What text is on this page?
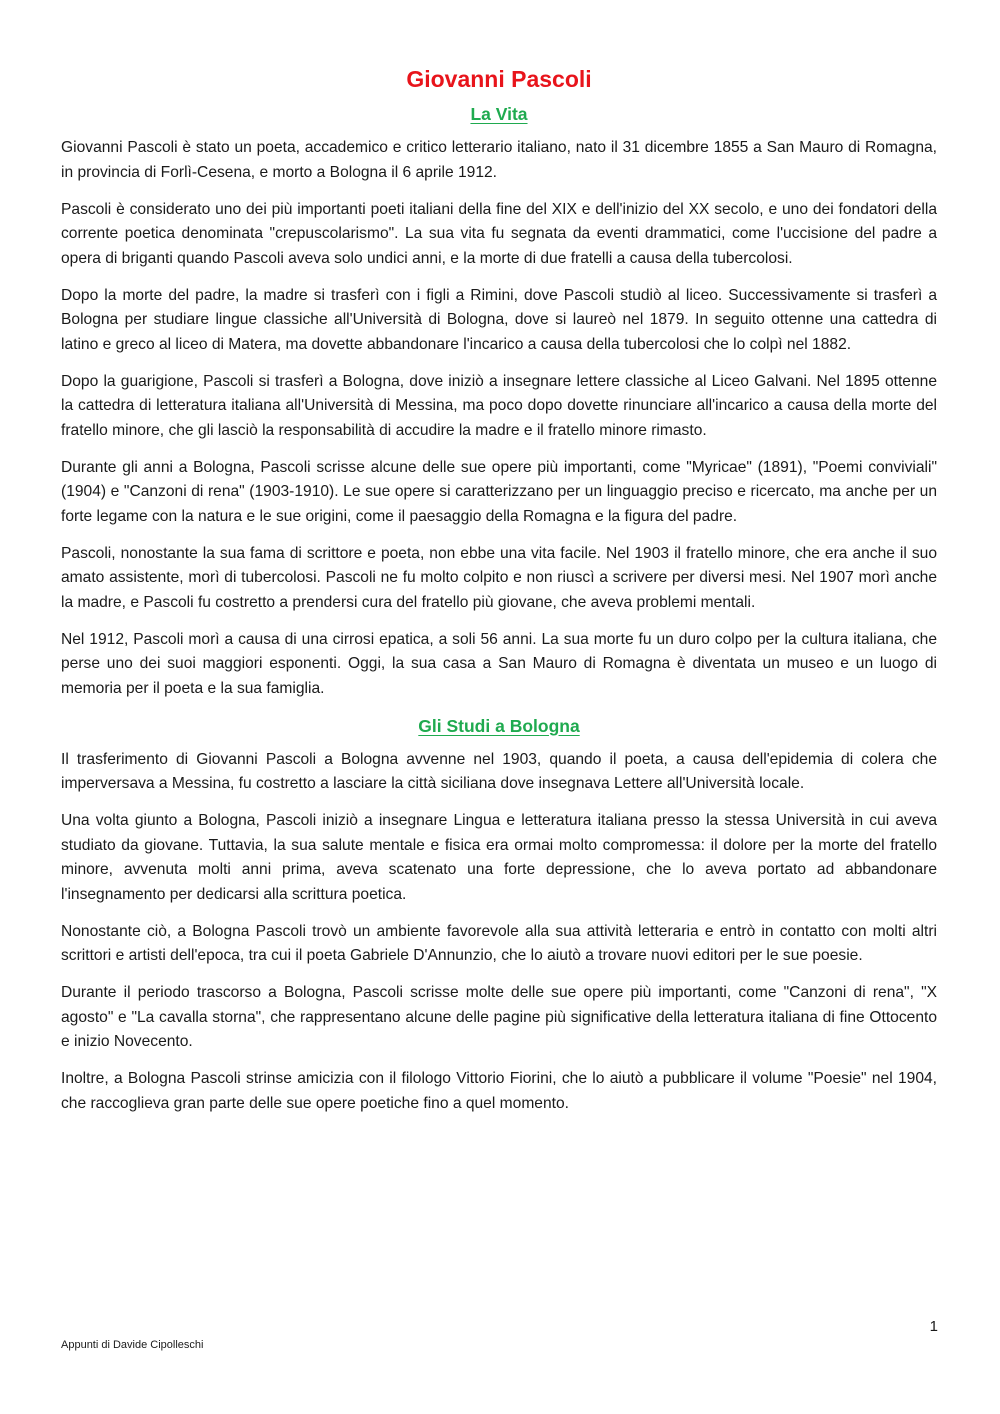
Giovanni Pascoli
La Vita

Giovanni Pascoli è stato un poeta, accademico e critico letterario italiano, nato il 31 dicembre 1855 a San Mauro di Romagna, in provincia di Forlì-Cesena, e morto a Bologna il 6 aprile 1912.

Pascoli è considerato uno dei più importanti poeti italiani della fine del XIX e dell'inizio del XX secolo, e uno dei fondatori della corrente poetica denominata "crepuscolarismo". La sua vita fu segnata da eventi drammatici, come l'uccisione del padre a opera di briganti quando Pascoli aveva solo undici anni, e la morte di due fratelli a causa della tubercolosi.

Dopo la morte del padre, la madre si trasferì con i figli a Rimini, dove Pascoli studiò al liceo. Successivamente si trasferì a Bologna per studiare lingue classiche all'Università di Bologna, dove si laureò nel 1879. In seguito ottenne una cattedra di latino e greco al liceo di Matera, ma dovette abbandonare l'incarico a causa della tubercolosi che lo colpì nel 1882.

Dopo la guarigione, Pascoli si trasferì a Bologna, dove iniziò a insegnare lettere classiche al Liceo Galvani. Nel 1895 ottenne la cattedra di letteratura italiana all'Università di Messina, ma poco dopo dovette rinunciare all'incarico a causa della morte del fratello minore, che gli lasciò la responsabilità di accudire la madre e il fratello minore rimasto.

Durante gli anni a Bologna, Pascoli scrisse alcune delle sue opere più importanti, come "Myricae" (1891), "Poemi conviviali" (1904) e "Canzoni di rena" (1903-1910). Le sue opere si caratterizzano per un linguaggio preciso e ricercato, ma anche per un forte legame con la natura e le sue origini, come il paesaggio della Romagna e la figura del padre.

Pascoli, nonostante la sua fama di scrittore e poeta, non ebbe una vita facile. Nel 1903 il fratello minore, che era anche il suo amato assistente, morì di tubercolosi. Pascoli ne fu molto colpito e non riuscì a scrivere per diversi mesi. Nel 1907 morì anche la madre, e Pascoli fu costretto a prendersi cura del fratello più giovane, che aveva problemi mentali.

Nel 1912, Pascoli morì a causa di una cirrosi epatica, a soli 56 anni. La sua morte fu un duro colpo per la cultura italiana, che perse uno dei suoi maggiori esponenti. Oggi, la sua casa a San Mauro di Romagna è diventata un museo e un luogo di memoria per il poeta e la sua famiglia.

Gli Studi a Bologna

Il trasferimento di Giovanni Pascoli a Bologna avvenne nel 1903, quando il poeta, a causa dell'epidemia di colera che imperversava a Messina, fu costretto a lasciare la città siciliana dove insegnava Lettere all'Università locale.

Una volta giunto a Bologna, Pascoli iniziò a insegnare Lingua e letteratura italiana presso la stessa Università in cui aveva studiato da giovane. Tuttavia, la sua salute mentale e fisica era ormai molto compromessa: il dolore per la morte del fratello minore, avvenuta molti anni prima, aveva scatenato una forte depressione, che lo aveva portato ad abbandonare l'insegnamento per dedicarsi alla scrittura poetica.

Nonostante ciò, a Bologna Pascoli trovò un ambiente favorevole alla sua attività letteraria e entrò in contatto con molti altri scrittori e artisti dell'epoca, tra cui il poeta Gabriele D'Annunzio, che lo aiutò a trovare nuovi editori per le sue poesie.

Durante il periodo trascorso a Bologna, Pascoli scrisse molte delle sue opere più importanti, come "Canzoni di rena", "X agosto" e "La cavalla storna", che rappresentano alcune delle pagine più significative della letteratura italiana di fine Ottocento e inizio Novecento.

Inoltre, a Bologna Pascoli strinse amicizia con il filologo Vittorio Fiorini, che lo aiutò a pubblicare il volume "Poesie" nel 1904, che raccoglieva gran parte delle sue opere poetiche fino a quel momento.

1
Appunti di Davide Cipolleschi
